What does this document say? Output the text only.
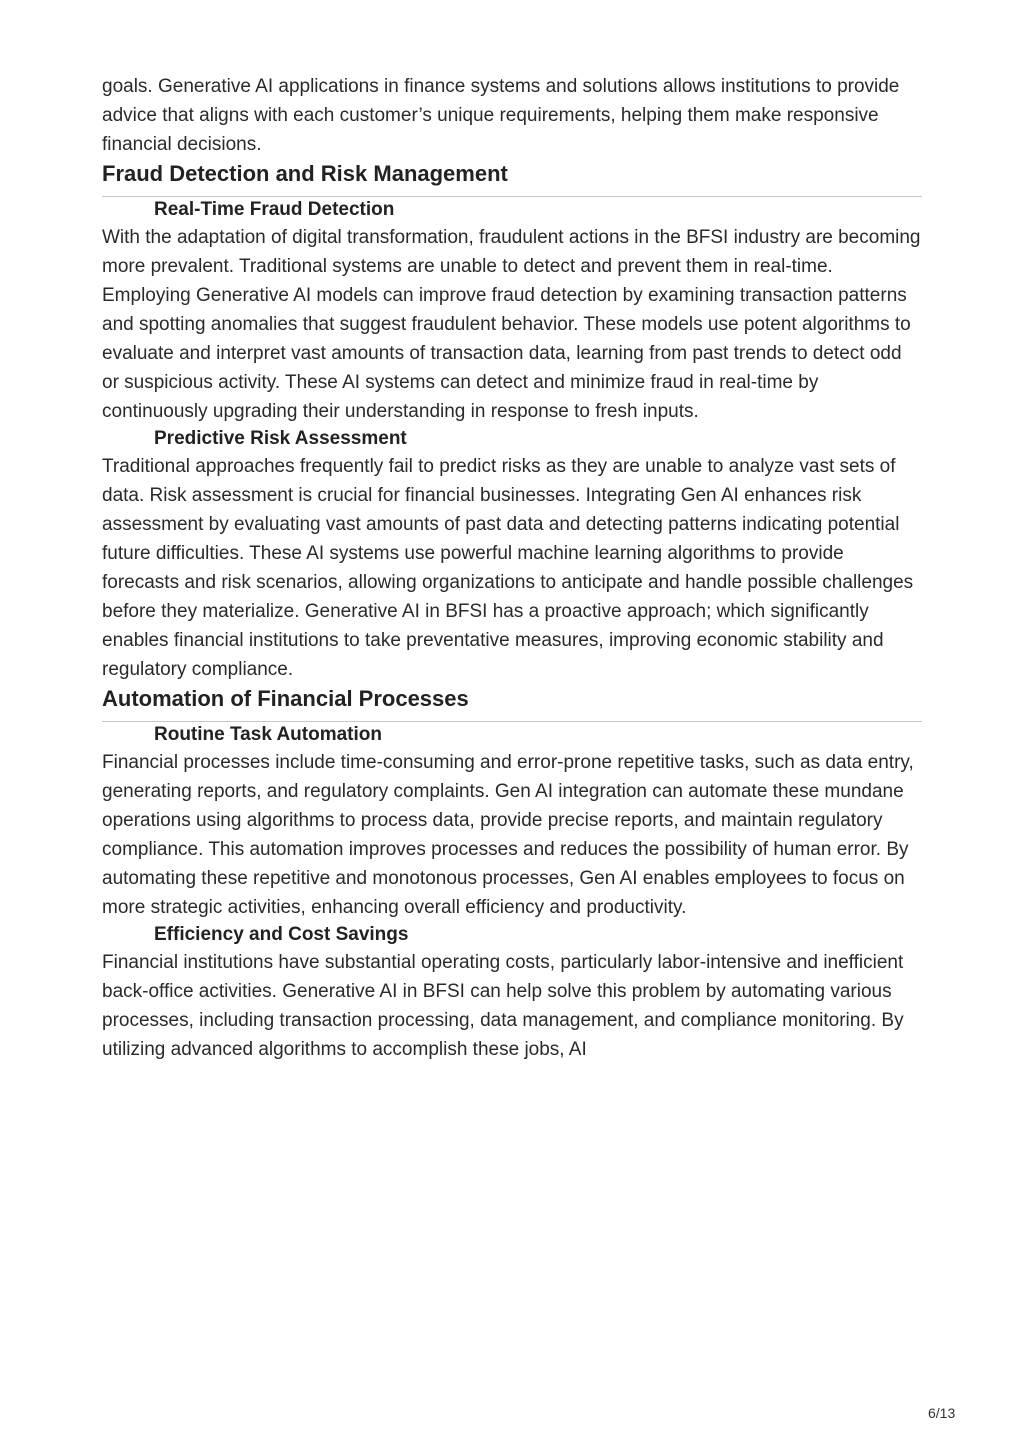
goals. Generative AI applications in finance systems and solutions allows institutions to provide advice that aligns with each customer’s unique requirements, helping them make responsive financial decisions.

Fraud Detection and Risk Management
Real-Time Fraud Detection

With the adaptation of digital transformation, fraudulent actions in the BFSI industry are becoming more prevalent. Traditional systems are unable to detect and prevent them in real-time. Employing Generative AI models can improve fraud detection by examining transaction patterns and spotting anomalies that suggest fraudulent behavior. These models use potent algorithms to evaluate and interpret vast amounts of transaction data, learning from past trends to detect odd or suspicious activity. These AI systems can detect and minimize fraud in real-time by continuously upgrading their understanding in response to fresh inputs.

Predictive Risk Assessment

Traditional approaches frequently fail to predict risks as they are unable to analyze vast sets of data. Risk assessment is crucial for financial businesses. Integrating Gen AI enhances risk assessment by evaluating vast amounts of past data and detecting patterns indicating potential future difficulties. These AI systems use powerful machine learning algorithms to provide forecasts and risk scenarios, allowing organizations to anticipate and handle possible challenges before they materialize. Generative AI in BFSI has a proactive approach; which significantly enables financial institutions to take preventative measures, improving economic stability and regulatory compliance.

Automation of Financial Processes
Routine Task Automation

Financial processes include time-consuming and error-prone repetitive tasks, such as data entry, generating reports, and regulatory complaints. Gen AI integration can automate these mundane operations using algorithms to process data, provide precise reports, and maintain regulatory compliance. This automation improves processes and reduces the possibility of human error. By automating these repetitive and monotonous processes, Gen AI enables employees to focus on more strategic activities, enhancing overall efficiency and productivity.

Efficiency and Cost Savings

Financial institutions have substantial operating costs, particularly labor-intensive and inefficient back-office activities. Generative AI in BFSI can help solve this problem by automating various processes, including transaction processing, data management, and compliance monitoring. By utilizing advanced algorithms to accomplish these jobs, AI

6/13
